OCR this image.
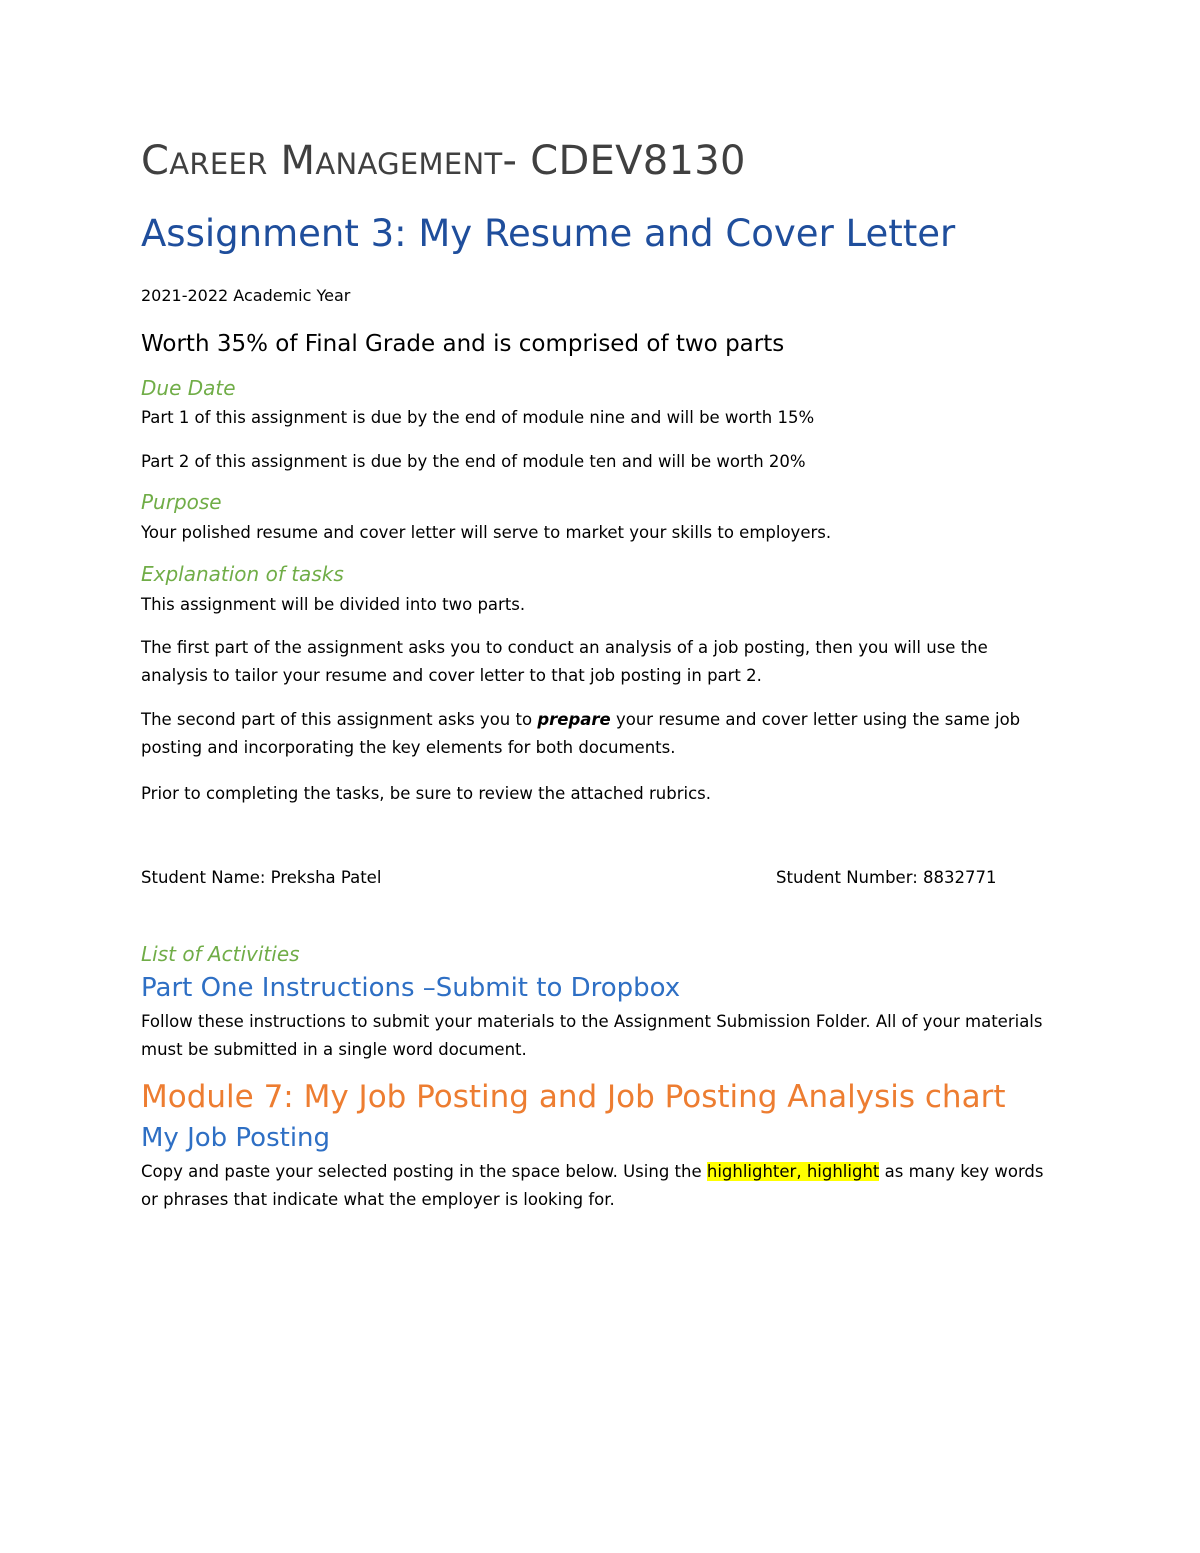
CAREER MANAGEMENT- CDEV8130
Assignment 3: My Resume and Cover Letter
2021-2022 Academic Year
Worth 35% of Final Grade and is comprised of two parts
Due Date
Part 1 of this assignment is due by the end of module nine and will be worth 15%
Part 2 of this assignment is due by the end of module ten and will be worth 20%
Purpose
Your polished resume and cover letter will serve to market your skills to employers.
Explanation of tasks
This assignment will be divided into two parts.
The first part of the assignment asks you to conduct an analysis of a job posting, then you will use the analysis to tailor your resume and cover letter to that job posting in part 2.
The second part of this assignment asks you to prepare your resume and cover letter using the same job posting and incorporating the key elements for both documents.
Prior to completing the tasks, be sure to review the attached rubrics.
Student Name: Preksha Patel	Student Number: 8832771
List of Activities
Part One Instructions –Submit to Dropbox
Follow these instructions to submit your materials to the Assignment Submission Folder. All of your materials must be submitted in a single word document.
Module 7: My Job Posting and Job Posting Analysis chart
My Job Posting
Copy and paste your selected posting in the space below. Using the highlighter, highlight as many key words or phrases that indicate what the employer is looking for.
